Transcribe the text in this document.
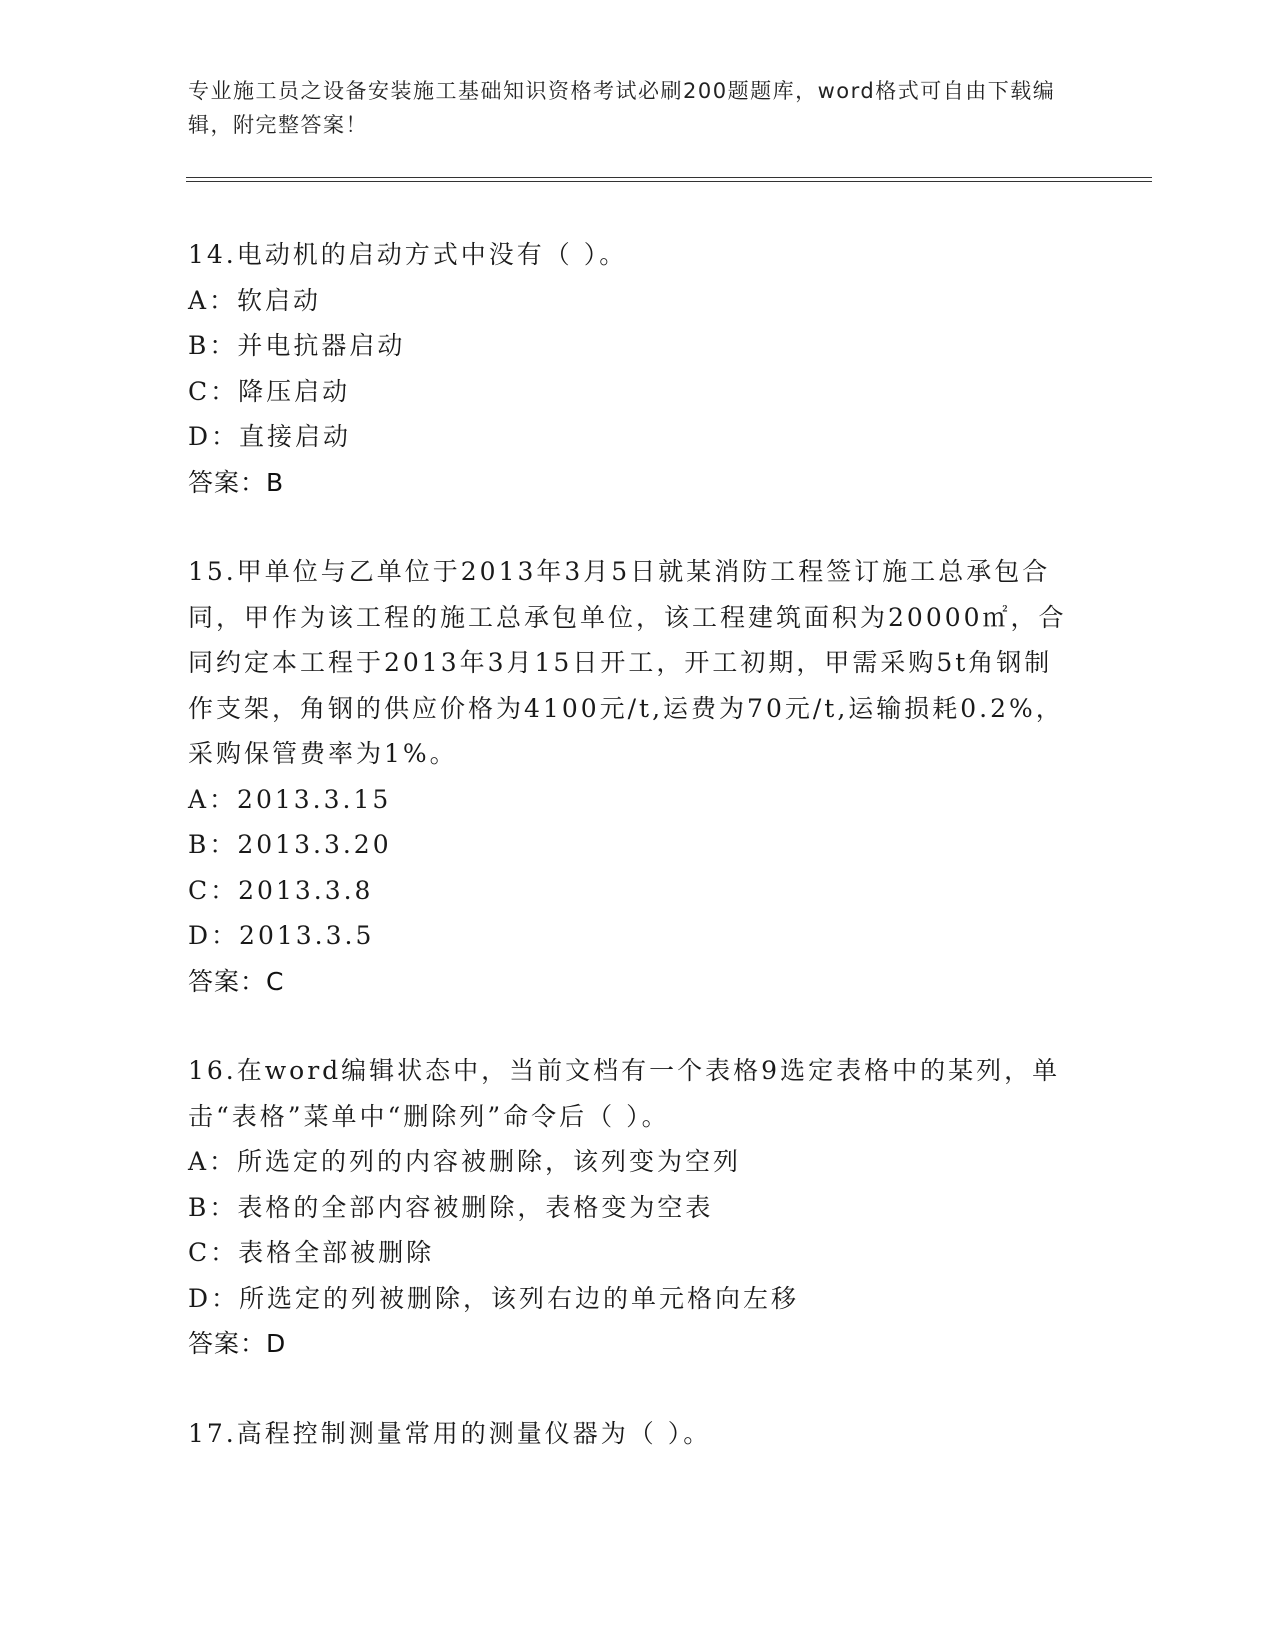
专业施工员之设备安装施工基础知识资格考试必刷200题题库，word格式可自由下载编辑，附完整答案！
14.电动机的启动方式中没有（ ）。
A：软启动
B：并电抗器启动
C：降压启动
D：直接启动
答案：B
15.甲单位与乙单位于2013年3月5日就某消防工程签订施工总承包合同，甲作为该工程的施工总承包单位，该工程建筑面积为20000㎡，合同约定本工程于2013年3月15日开工，开工初期，甲需采购5t角钢制作支架，角钢的供应价格为4100元/t,运费为70元/t,运输损耗0.2%，采购保管费率为1%。
A：2013.3.15
B：2013.3.20
C：2013.3.8
D：2013.3.5
答案：C
16.在word编辑状态中，当前文档有一个表格9选定表格中的某列，单击“表格”菜单中“删除列”命令后（ ）。
A：所选定的列的内容被删除，该列变为空列
B：表格的全部内容被删除，表格变为空表
C：表格全部被删除
D：所选定的列被删除，该列右边的单元格向左移
答案：D
17.高程控制测量常用的测量仪器为（ ）。
